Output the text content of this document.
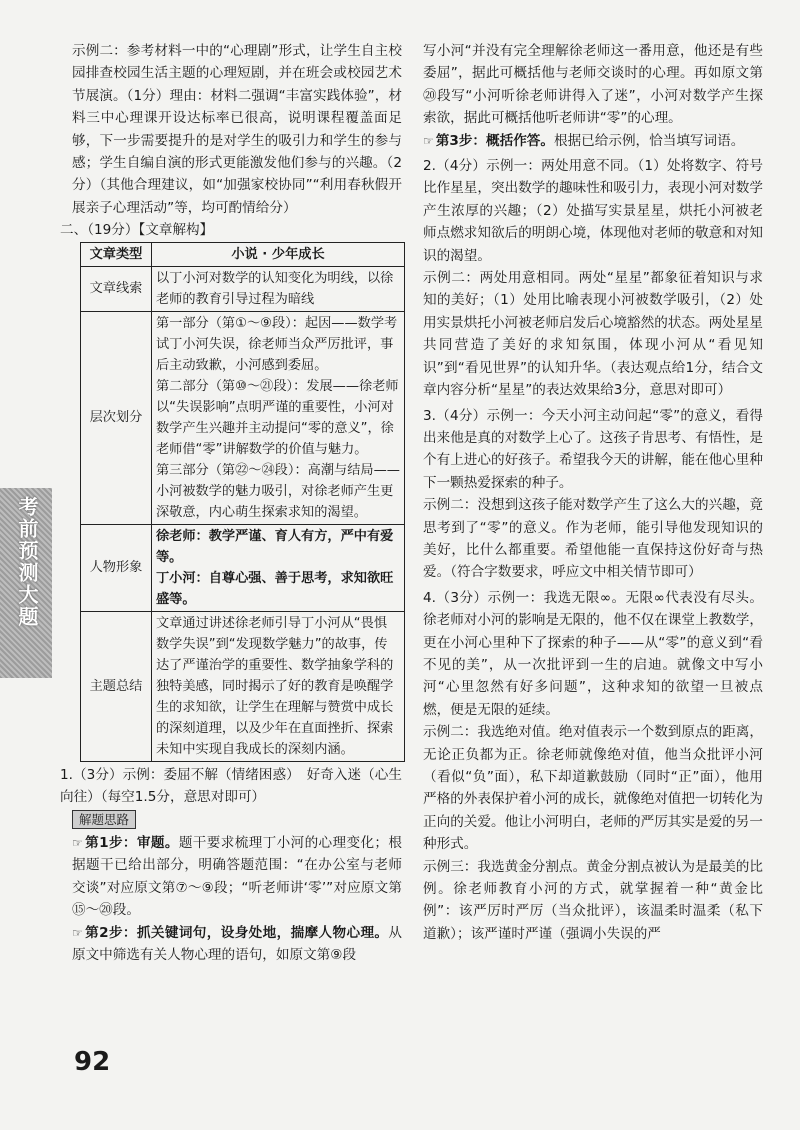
考前预测大题

示例二：参考材料一中的“心理剧”形式，让学生自主校园排查校园生活主题的心理短剧，并在班会或校园艺术节展演。（1分）理由：材料二强调“丰富实践体验”，材料三中心理课开设达标率已很高，说明课程覆盖面足够，下一步需要提升的是对学生的吸引力和学生的参与感；学生自编自演的形式更能激发他们参与的兴趣。（2分）（其他合理建议，如“加强家校协同”“利用春秋假开展亲子心理活动”等，均可酌情给分）

二、（19分）【文章解构】

文章类型	小说 · 少年成长
文章线索	以丁小河对数学的认知变化为明线，以徐老师的教育引导过程为暗线
层次划分	第一部分（第①～⑨段）：起因——数学考试丁小河失误，徐老师当众严厉批评，事后主动致歉，小河感到委屈。
第二部分（第⑩～㉑段）：发展——徐老师以“失误影响”点明严谨的重要性，小河对数学产生兴趣并主动提问“零的意义”，徐老师借“零”讲解数学的价值与魅力。
第三部分（第㉒～㉔段）：高潮与结局——小河被数学的魅力吸引，对徐老师产生更深敬意，内心萌生探索求知的渴望。

人物形象	徐老师：教学严谨、育人有方，严中有爱等。
丁小河：自尊心强、善于思考，求知欲旺盛等。

主题总结	文章通过讲述徐老师引导丁小河从“畏惧数学失误”到“发现数学魅力”的故事，传达了严谨治学的重要性、数学抽象学科的独特美感，同时揭示了好的教育是唤醒学生的求知欲，让学生在理解与赞赏中成长的深刻道理，以及少年在直面挫折、探索未知中实现自我成长的深刻内涵。

1.（3分）示例：委屈不解（情绪困惑）　好奇入迷（心生向往）（每空1.5分，意思对即可）

解题思路

☞ 第1步：审题。题干要求梳理丁小河的心理变化；根据题干已给出部分，明确答题范围：“在办公室与老师交谈”对应原文第⑦～⑨段；“听老师讲‘零’”对应原文第⑮～⑳段。

☞ 第2步：抓关键词句，设身处地，揣摩人物心理。从原文中筛选有关人物心理的语句，如原文第⑨段

写小河“并没有完全理解徐老师这一番用意，他还是有些委屈”，据此可概括他与老师交谈时的心理。再如原文第⑳段写“小河听徐老师讲得入了迷”，小河对数学产生探索欲，据此可概括他听老师讲“零”的心理。

☞ 第3步：概括作答。根据已给示例，恰当填写词语。

2.（4分）示例一：两处用意不同。（1）处将数字、符号比作星星，突出数学的趣味性和吸引力，表现小河对数学产生浓厚的兴趣；（2）处描写实景星星，烘托小河被老师点燃求知欲后的明朗心境，体现他对老师的敬意和对知识的渴望。

示例二：两处用意相同。两处“星星”都象征着知识与求知的美好；（1）处用比喻表现小河被数学吸引，（2）处用实景烘托小河被老师启发后心境豁然的状态。两处星星共同营造了美好的求知氛围，体现小河从“看见知识”到“看见世界”的认知升华。（表达观点给1分，结合文章内容分析“星星”的表达效果给3分，意思对即可）

3.（4分）示例一：今天小河主动问起“零”的意义，看得出来他是真的对数学上心了。这孩子肯思考、有悟性，是个有上进心的好孩子。希望我今天的讲解，能在他心里种下一颗热爱探索的种子。

示例二：没想到这孩子能对数学产生了这么大的兴趣，竟思考到了“零”的意义。作为老师，能引导他发现知识的美好，比什么都重要。希望他能一直保持这份好奇与热爱。（符合字数要求，呼应文中相关情节即可）

4.（3分）示例一：我选无限∞。无限∞代表没有尽头。徐老师对小河的影响是无限的，他不仅在课堂上教数学，更在小河心里种下了探索的种子——从“零”的意义到“看不见的美”，从一次批评到一生的启迪。就像文中写小河“心里忽然有好多问题”，这种求知的欲望一旦被点燃，便是无限的延续。

示例二：我选绝对值。绝对值表示一个数到原点的距离，无论正负都为正。徐老师就像绝对值，他当众批评小河（看似“负”面），私下却道歉鼓励（同时“正”面），他用严格的外表保护着小河的成长，就像绝对值把一切转化为正向的关爱。他让小河明白，老师的严厉其实是爱的另一种形式。

示例三：我选黄金分割点。黄金分割点被认为是最美的比例。徐老师教育小河的方式，就掌握着一种“黄金比例”：该严厉时严厉（当众批评），该温柔时温柔（私下道歉）；该严谨时严谨（强调小失误的严

92
